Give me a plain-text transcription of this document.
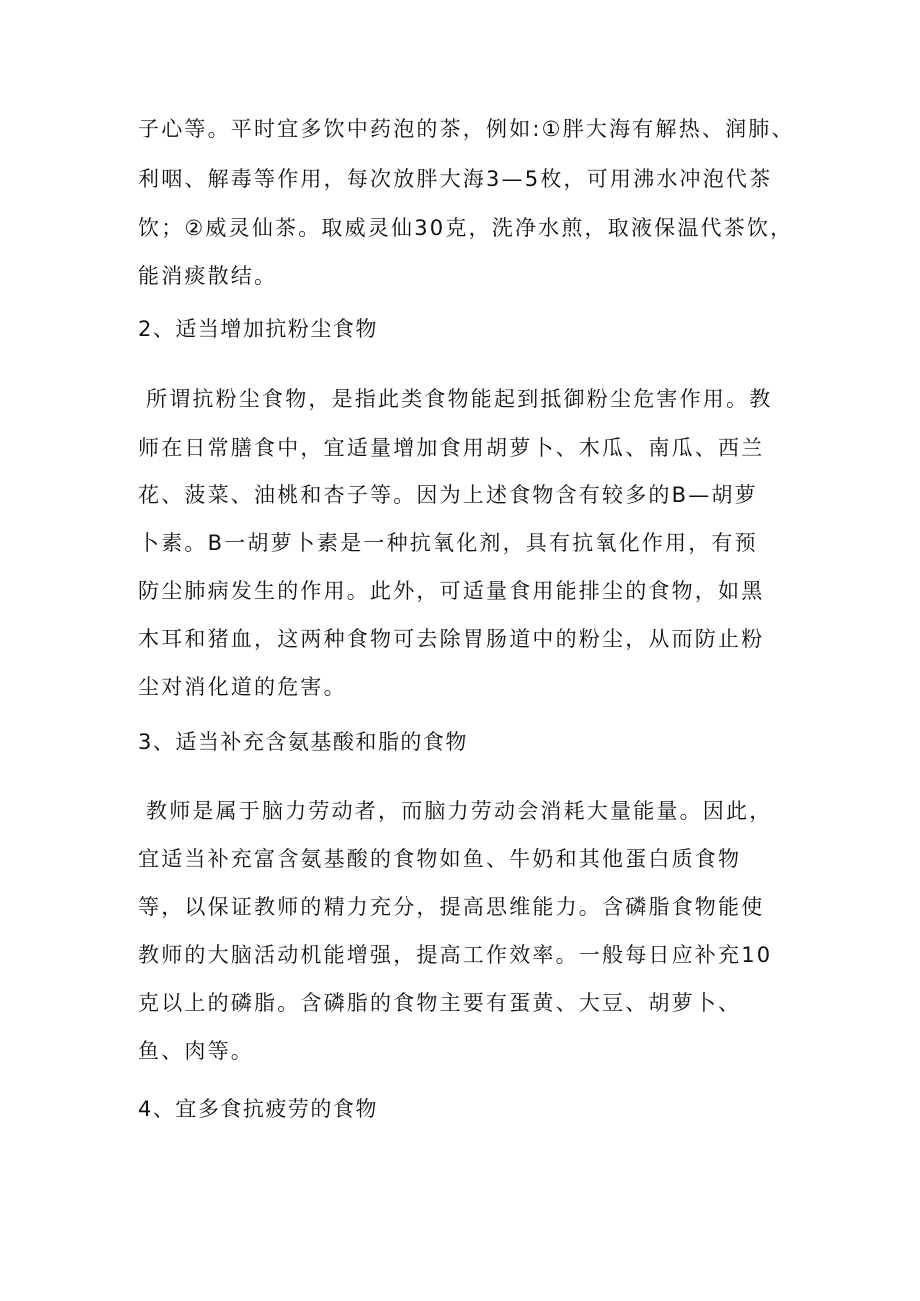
子心等。平时宜多饮中药泡的茶，例如:①胖大海有解热、润肺、
利咽、解毒等作用，每次放胖大海3—5枚，可用沸水冲泡代茶
饮；②威灵仙茶。取威灵仙30克，洗净水煎，取液保温代茶饮，
能消痰散结。
2、适当增加抗粉尘食物
所谓抗粉尘食物，是指此类食物能起到抵御粉尘危害作用。教
师在日常膳食中，宜适量增加食用胡萝卜、木瓜、南瓜、西兰
花、菠菜、油桃和杏子等。因为上述食物含有较多的B—胡萝
卜素。B一胡萝卜素是一种抗氧化剂，具有抗氧化作用，有预
防尘肺病发生的作用。此外，可适量食用能排尘的食物，如黑
木耳和猪血，这两种食物可去除胃肠道中的粉尘，从而防止粉
尘对消化道的危害。
3、适当补充含氨基酸和脂的食物
教师是属于脑力劳动者，而脑力劳动会消耗大量能量。因此，
宜适当补充富含氨基酸的食物如鱼、牛奶和其他蛋白质食物
等，以保证教师的精力充分，提高思维能力。含磷脂食物能使
教师的大脑活动机能增强，提高工作效率。一般每日应补充10
克以上的磷脂。含磷脂的食物主要有蛋黄、大豆、胡萝卜、
鱼、肉等。
4、宜多食抗疲劳的食物
